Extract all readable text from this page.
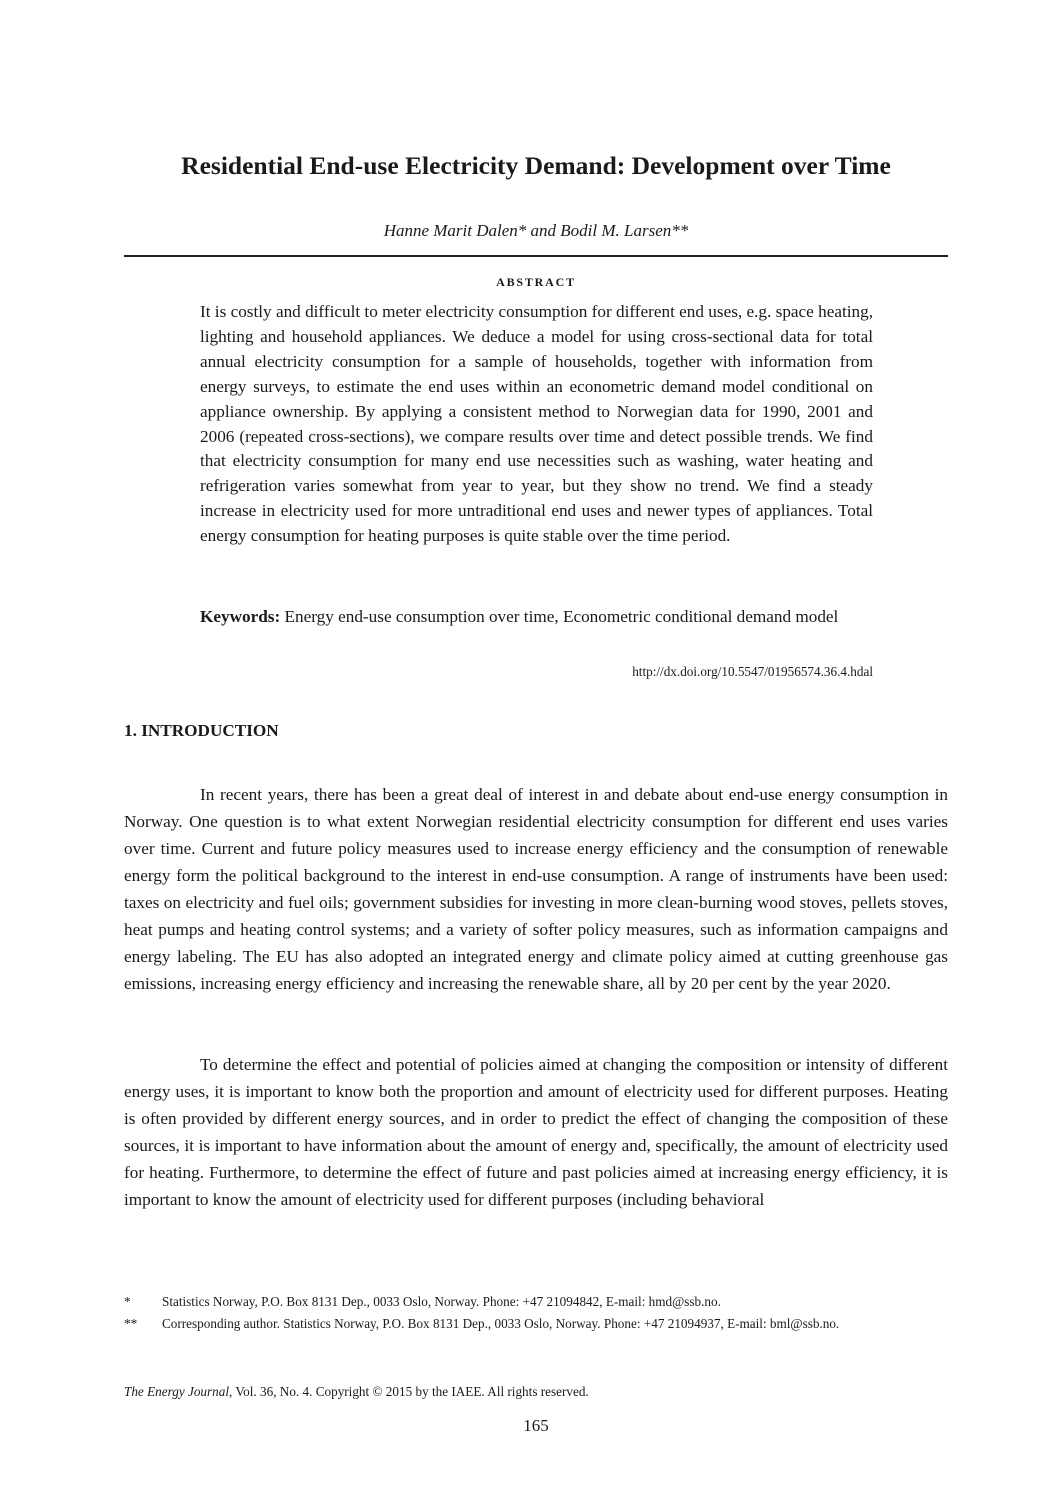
Residential End-use Electricity Demand: Development over Time
Hanne Marit Dalen* and Bodil M. Larsen**
ABSTRACT

It is costly and difficult to meter electricity consumption for different end uses, e.g. space heating, lighting and household appliances. We deduce a model for using cross-sectional data for total annual electricity consumption for a sample of households, together with information from energy surveys, to estimate the end uses within an econometric demand model conditional on appliance ownership. By applying a consistent method to Norwegian data for 1990, 2001 and 2006 (repeated cross-sections), we compare results over time and detect possible trends. We find that electricity consumption for many end use necessities such as washing, water heating and refrigeration varies somewhat from year to year, but they show no trend. We find a steady increase in electricity used for more untraditional end uses and newer types of appliances. Total energy consumption for heating purposes is quite stable over the time period.

Keywords: Energy end-use consumption over time, Econometric conditional demand model

http://dx.doi.org/10.5547/01956574.36.4.hdal
1. INTRODUCTION

In recent years, there has been a great deal of interest in and debate about end-use energy consumption in Norway. One question is to what extent Norwegian residential electricity consumption for different end uses varies over time. Current and future policy measures used to increase energy efficiency and the consumption of renewable energy form the political background to the interest in end-use consumption. A range of instruments have been used: taxes on electricity and fuel oils; government subsidies for investing in more clean-burning wood stoves, pellets stoves, heat pumps and heating control systems; and a variety of softer policy measures, such as information campaigns and energy labeling. The EU has also adopted an integrated energy and climate policy aimed at cutting greenhouse gas emissions, increasing energy efficiency and increasing the renewable share, all by 20 per cent by the year 2020.

To determine the effect and potential of policies aimed at changing the composition or intensity of different energy uses, it is important to know both the proportion and amount of electricity used for different purposes. Heating is often provided by different energy sources, and in order to predict the effect of changing the composition of these sources, it is important to have information about the amount of energy and, specifically, the amount of electricity used for heating. Furthermore, to determine the effect of future and past policies aimed at increasing energy efficiency, it is important to know the amount of electricity used for different purposes (including behavioral

*	Statistics Norway, P.O. Box 8131 Dep., 0033 Oslo, Norway. Phone: +47 21094842, E-mail: hmd@ssb.no.
**	Corresponding author. Statistics Norway, P.O. Box 8131 Dep., 0033 Oslo, Norway. Phone: +47 21094937, E-mail: bml@ssb.no.
The Energy Journal, Vol. 36, No. 4. Copyright © 2015 by the IAEE. All rights reserved.
165
